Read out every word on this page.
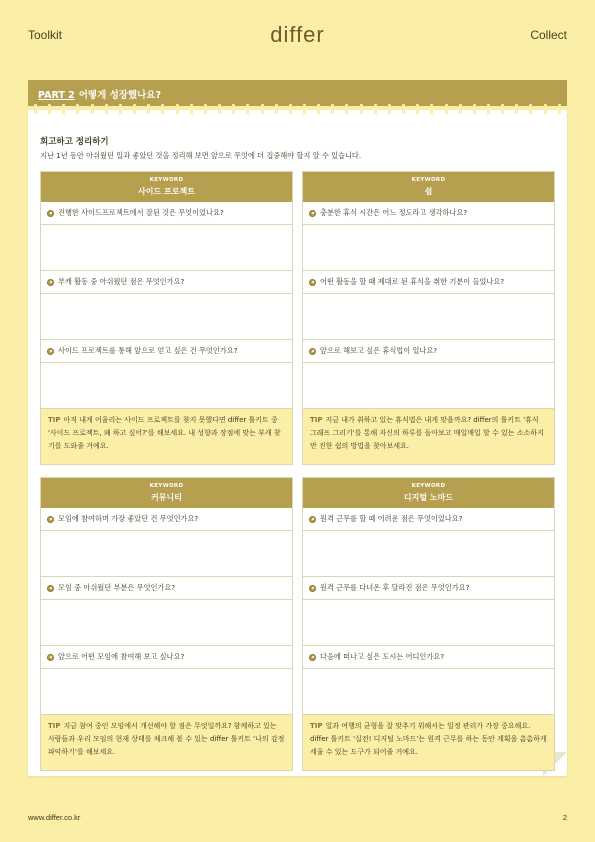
Toolkit	differ	Collect
PART 2 어떻게 성장했나요?
회고하고 정리하기
지난 1년 동안 아쉬웠던 일과 좋았던 것을 정리해 보면 앞으로 무엇에 더 집중해야 할지 알 수 있습니다.
KEYWORD
사이드 프로젝트
진행한 사이드프로젝트에서 잘된 것은 무엇이었나요?
부캐 활동 중 아쉬웠던 점은 무엇인가요?
사이드 프로젝트를 통해 앞으로 얻고 싶은 건 무엇인가요?
TIP 아직 내게 어울리는 사이드 프로젝트를 찾지 못했다면 differ 툴키트 중 '사이드 프로젝트, 왜 하고 싶어?'를 해보세요. 내 성향과 장점에 맞는 부캐 찾기를 도와줄 거예요.
KEYWORD
쉼
충분한 휴식 시간은 어느 정도라고 생각하나요?
어떤 활동을 할 때 제대로 된 휴식을 취한 기분이 들었나요?
앞으로 해보고 싶은 휴식법이 있나요?
TIP 지금 내가 취하고 있는 휴식법은 내게 맞을까요? differ의 툴키트 '휴식 그래프 그리기'를 통해 자신의 하루를 돌아보고 매일매일 할 수 있는 소소하지만 진한 쉼의 방법을 찾아보세요.
KEYWORD
커뮤니티
모임에 참여하며 가장 좋았던 건 무엇인가요?
모임 중 아쉬웠던 부분은 무엇인가요?
앞으로 어떤 모임에 참여해 보고 싶나요?
TIP 지금 참여 중인 모임에서 개선해야 할 점은 무엇일까요? 함께하고 있는 사람들과 우리 모임의 현재 상태를 체크해 볼 수 있는 differ 툴키트 '나의 감정 파악하기'를 해보세요.
KEYWORD
디지털 노마드
원격 근무를 할 때 어려운 점은 무엇이었나요?
원격 근무를 다녀온 후 달라진 점은 무엇인가요?
다음에 떠나고 싶은 도시는 어디인가요?
TIP 일과 여행의 균형을 잘 맞추기 위해서는 일정 관리가 가장 중요해요. differ 툴키트 '실전! 디지털 노마드'는 원격 근무를 하는 동안 계획을 촘촘하게 세울 수 있는 도구가 되어줄 거예요.
www.differ.co.kr	2
